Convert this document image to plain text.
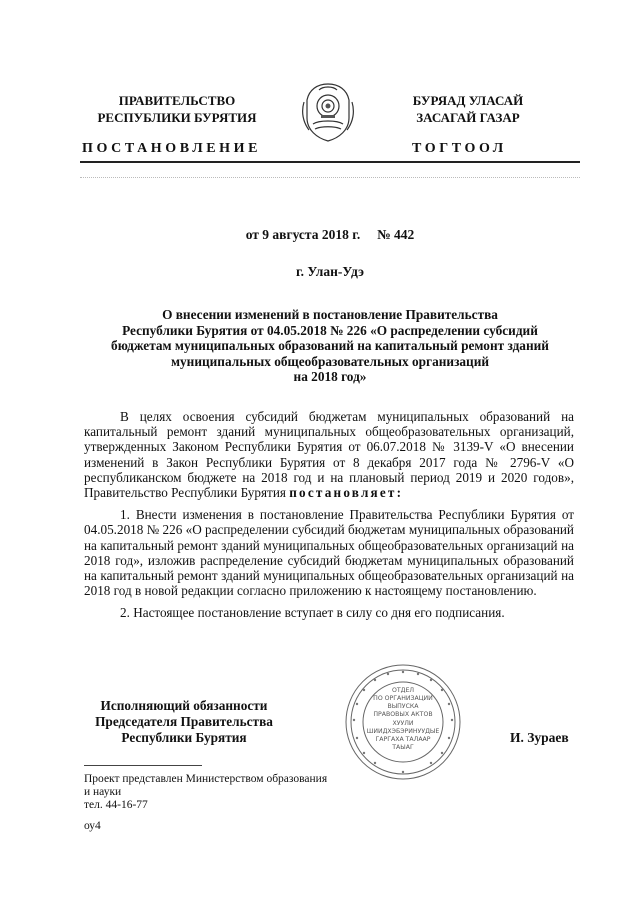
ПРАВИТЕЛЬСТВО
РЕСПУБЛИКИ БУРЯТИЯ
БУРЯАД УЛАСАЙ
ЗАСАГАЙ ГАЗАР
ПОСТАНОВЛЕНИЕ	ТОГТООЛ
от 9 августа 2018 г.     № 442
г. Улан-Удэ
О внесении изменений в постановление Правительства
Республики Бурятия от 04.05.2018 № 226 «О распределении субсидий
бюджетам муниципальных образований на капитальный ремонт зданий
муниципальных общеобразовательных организаций
на 2018 год»

В целях освоения субсидий бюджетам муниципальных образований на капитальный ремонт зданий муниципальных общеобразовательных организаций, утвержденных Законом Республики Бурятия от 06.07.2018 № 3139-V «О внесении изменений в Закон Республики Бурятия от 8 декабря 2017 года № 2796-V «О республиканском бюджете на 2018 год и на плановый период 2019 и 2020 годов», Правительство Республики Бурятия постановляет:

1. Внести изменения в постановление Правительства Республики Бурятия от 04.05.2018 № 226 «О распределении субсидий бюджетам муниципальных образований на капитальный ремонт зданий муниципальных общеобразовательных организаций на 2018 год», изложив распределение субсидий бюджетам муниципальных образований на капитальный ремонт зданий муниципальных общеобразовательных организаций на 2018 год в новой редакции согласно приложению к настоящему постановлению.

2. Настоящее постановление вступает в силу со дня его подписания.

Исполняющий обязанности
Председателя Правительства
Республики Бурятия
ОТДЕЛ
ПО ОРГАНИЗАЦИИ
ВЫПУСКА
ПРАВОВЫХ АКТОВ
ХУУЛИ
ШИИДХЭБЭРИНУУДЫЕ
ГАРГАХА ТАЛААР
ТАЫАГ
И. Зураев
Проект представлен Министерством образования
и науки
тел. 44-16-77
оу4
